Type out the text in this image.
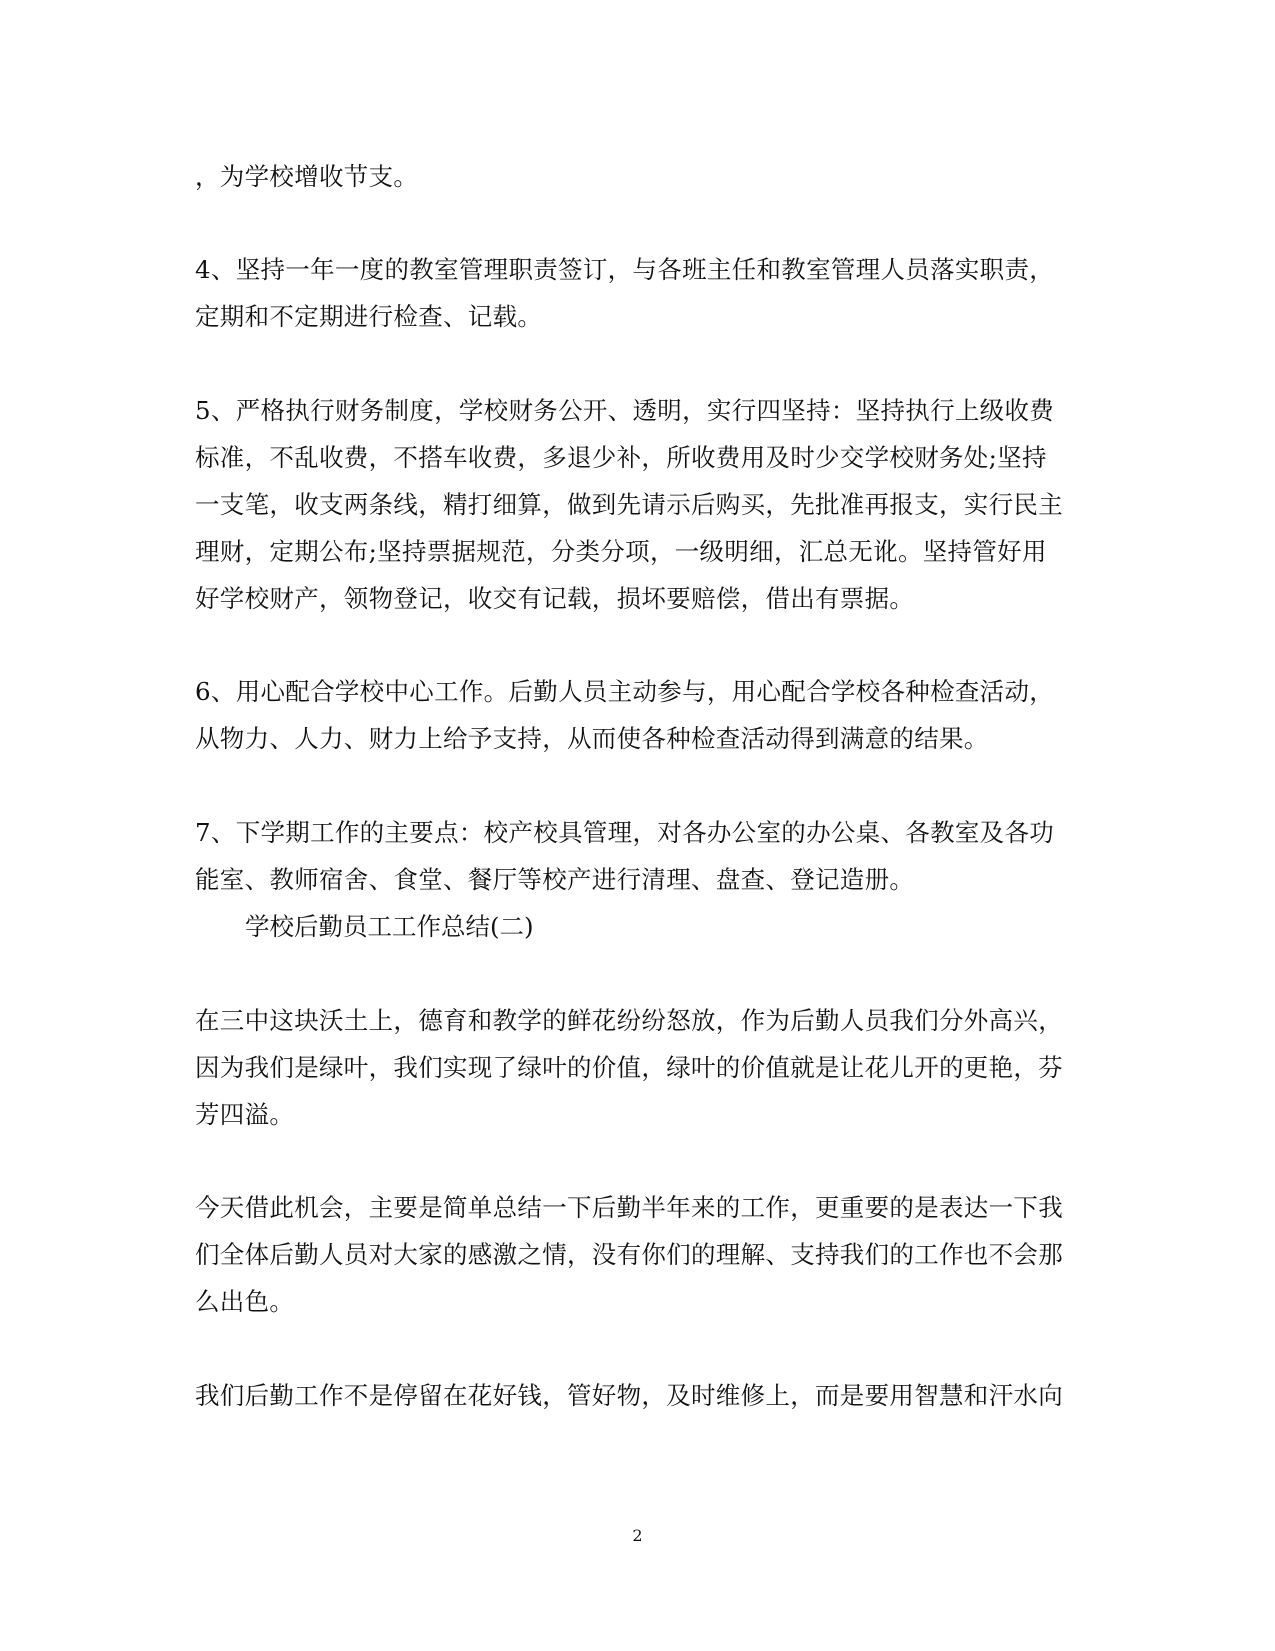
，为学校增收节支。
4、坚持一年一度的教室管理职责签订，与各班主任和教室管理人员落实职责，
定期和不定期进行检查、记载。
5、严格执行财务制度，学校财务公开、透明，实行四坚持：坚持执行上级收费
标准，不乱收费，不搭车收费，多退少补，所收费用及时少交学校财务处;坚持
一支笔，收支两条线，精打细算，做到先请示后购买，先批准再报支，实行民主
理财，定期公布;坚持票据规范，分类分项，一级明细，汇总无讹。坚持管好用
好学校财产，领物登记，收交有记载，损坏要赔偿，借出有票据。
6、用心配合学校中心工作。后勤人员主动参与，用心配合学校各种检查活动，
从物力、人力、财力上给予支持，从而使各种检查活动得到满意的结果。
7、下学期工作的主要点：校产校具管理，对各办公室的办公桌、各教室及各功
能室、教师宿舍、食堂、餐厅等校产进行清理、盘查、登记造册。
学校后勤员工工作总结(二)
在三中这块沃土上，德育和教学的鲜花纷纷怒放，作为后勤人员我们分外高兴，
因为我们是绿叶，我们实现了绿叶的价值，绿叶的价值就是让花儿开的更艳，芬
芳四溢。
今天借此机会，主要是简单总结一下后勤半年来的工作，更重要的是表达一下我
们全体后勤人员对大家的感激之情，没有你们的理解、支持我们的工作也不会那
么出色。
我们后勤工作不是停留在花好钱，管好物，及时维修上，而是要用智慧和汗水向
2
